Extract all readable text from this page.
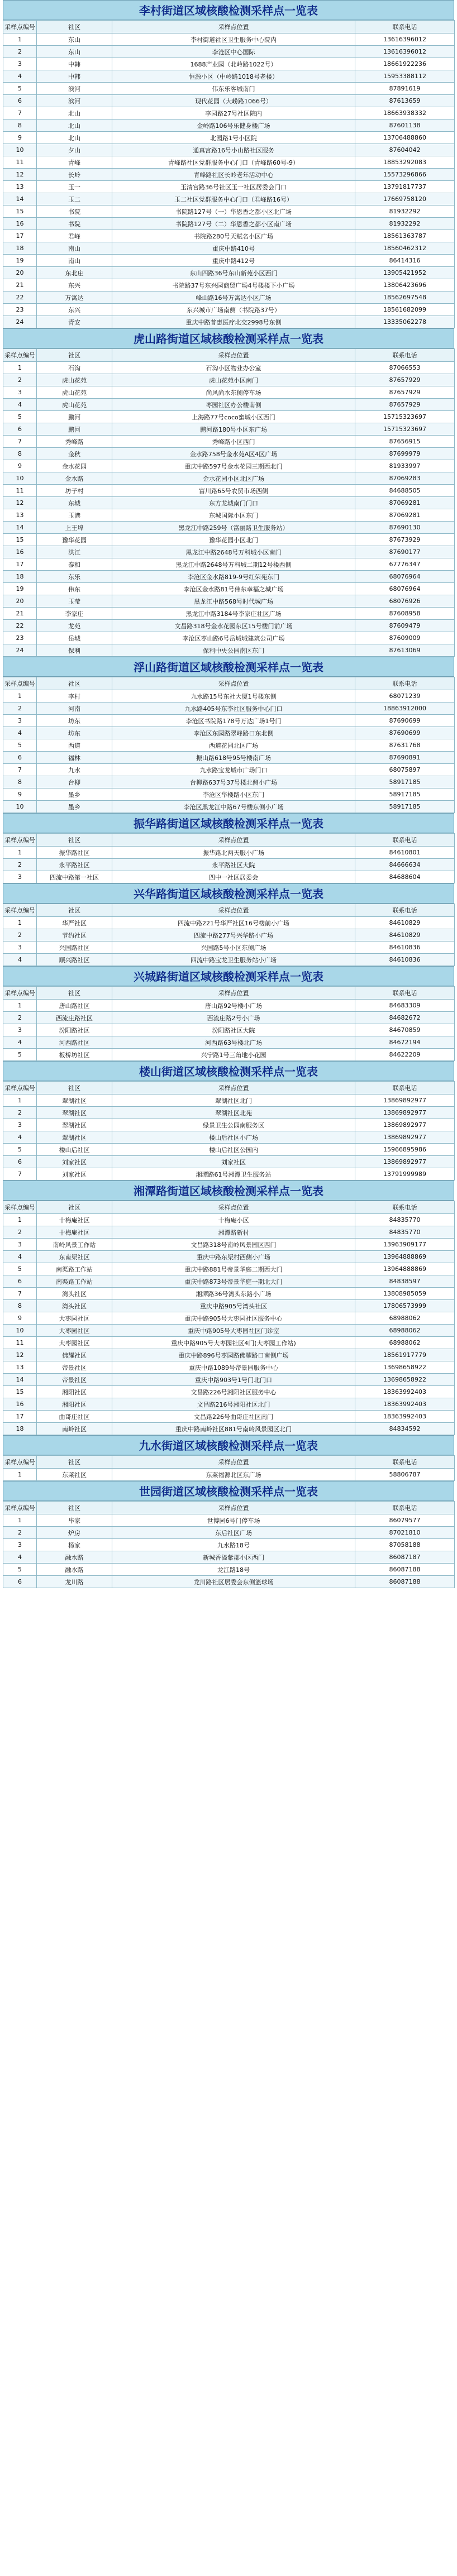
李村街道区域核酸检测采样点一览表
采样点编号	社区	采样点位置	联系电话
1	东山	李村街道社区卫生服务中心院内	13616396012
2	东山	李沧区中心国际	13616396012
3	中韩	1688产业园（北岭路1022号）	18661922236
4	中韩	恒源小区（中岭路1018号老楼）	15953388112
5	滨河	伟东乐客城南门	87891619
6	滨河	现代花园（大崂路1066号）	87613659
7	北山	李园路27号社区院内	18663938332
8	北山	金岭路106号乐健身楼广场	87601138
9	北山	北园路1号小区院	13706488860
10	夕山	通真宫路16号小山路社区服务	87604042
11	青峰	青峰路社区党群服务中心门口（青峰路60号-9）	18853292083
12	长岭	青峰路社区长岭老年活动中心	15573296866
13	玉一	玉清宫路36号社区玉一社区居委会门口	13791817737
14	玉二	玉二社区党群服务中心门口（君峰路16号）	17669758120
15	书院	书院路127号（一）华恩香之都小区北广场	81932292
16	书院	书院路127号（二）华恩香之都小区南广场	81932292
17	君峰	书院路280号天赋名小区广场	18561363787
18	南山	重庆中路410号	18560462312
19	南山	重庆中路412号	86414316
20	东北庄	东山四路36号东山新苑小区西门	13905421952
21	东兴	书院路37号东兴园商贸广场4号楼楼下小广场	13806423696
22	万寓达	峰山路16号万寓达小区广场	18562697548
23	东兴	东兴城市广场南侧（书院路37号）	18561682099
24	青安	重庆中路普惠医疗北交2998号东侧	13335062278
虎山路街道区域核酸检测采样点一览表
采样点编号	社区	采样点位置	联系电话
1	石沟	石沟小区物业办公室	87066553
2	虎山花苑	虎山花苑小区南门	87657929
3	虎山花苑	尚风尚水东侧停车场	87657929
4	虎山花苑	枣园社区办公楼南侧	87657929
5	鹏河	上海路77号coco蜜城小区西门	15715323697
6	鹏河	鹏河路180号小区东广场	15715323697
7	秀峰路	秀峰路小区西门	87656915
8	金秋	金水路758号金水苑A区4区广场	87699979
9	金水花园	重庆中路597号金水花园三期西北门	81933997
10	金水路	金水花园小区北区广场	87069283
11	坊子村	富川路65号农贸市场西侧	84688505
12	东城	东方龙城南门门口	87069281
13	玉港	东城国际小区东门	87069281
14	上王埠	黑龙江中路259号（富丽路卫生服务站）	87690130
15	豫华花园	豫华花园小区北门	87673929
16	洪江	黑龙江中路2648号万科城小区南门	87690177
17	泰和	黑龙江中路2648号万科城二期12号楼西侧	67776347
18	东乐	李沧区金水路819-9号红荣苑东门	68076964
19	伟东	李沧区金水路81号伟东幸福之城广场	68076964
20	玉莹	黑龙江中路568号时代城广场	68076926
21	李家庄	黑龙江中路3184号李家庄社区广场	87608958
22	龙苑	文昌路318号金水花园东区15号楼门前广场	87609479
23	岳城	李沧区枣山路6号岳城城建筑公司广场	87609009
24	保利	保利中央公园南区东门	87613069
浮山路街道区域核酸检测采样点一览表
采样点编号	社区	采样点位置	联系电话
1	李村	九水路15号东社大厦1号楼东侧	68071239
2	河南	九水路405号东李社区服务中心门口	18863912000
3	坊东	李沧区书院路178号万达广场1号门	87690699
4	坊东	李沧区东园路翠峰路口东北侧	87690699
5	西道	西道花园北区广场	87631768
6	福林	振山路618号95号楼南广场	87690891
7	九水	九水路宝龙城市广场门口	68075897
8	台柳	台柳路637号37号楼北侧小广场	58917185
9	墨乡	李沧区华楼路小区东门	58917185
10	墨乡	李沧区黑龙江中路67号楼东侧小广场	58917185
振华路街道区域核酸检测采样点一览表
采样点编号	社区	采样点位置	联系电话
1	振华路社区	振华路北两天服小广场	84610801
2	永平路社区	永平路社区大院	84666634
3	四流中路第一社区	四中一社区居委会	84688604
兴华路街道区域核酸检测采样点一览表
采样点编号	社区	采样点位置	联系电话
1	华严社区	四流中路221号华严社区16号楼前小广场	84610829
2	节约社区	四流中路277号兴华路小广场	84610829
3	兴国路社区	兴国路5号小区东侧广场	84610836
4	顺兴路社区	四流中路宝龙卫生服务站小广场	84610836
兴城路街道区域核酸检测采样点一览表
采样点编号	社区	采样点位置	联系电话
1	唐山路社区	唐山路92号楼小广场	84683309
2	西流庄路社区	西流庄路2号小广场	84682672
3	汾阳路社区	汾阳路社区大院	84670859
4	河西路社区	河西路63号楼北广场	84672194
5	板桥坊社区	兴宁路1号三角地小花园	84622209
楼山街道区域核酸检测采样点一览表
采样点编号	社区	采样点位置	联系电话
1	翠湖社区	翠湖社区北门	13869892977
2	翠湖社区	翠湖社区北苑	13869892977
3	翠湖社区	绿景卫生公园南服务区	13869892977
4	翠湖社区	楼山后社区小广场	13869892977
5	楼山后社区	楼山后社区公园内	15966895986
6	刘家社区	刘家社区	13869892977
7	刘家社区	湘潭路61号湘潭卫生服务站	13791999989
湘潭路街道区域核酸检测采样点一览表
采样点编号	社区	采样点位置	联系电话
1	十梅庵社区	十梅庵小区	84835770
2	十梅庵社区	湘潭路新村	84835770
3	南岭风景工作站	文昌路318号南岭风景园区西门	13963909177
4	东南渠社区	重庆中路东渠村西侧小广场	13964888869
5	南渠路工作站	重庆中路881号帝景华庭二期西大门	13964888869
6	南渠路工作站	重庆中路873号帝景华庭一期北大门	84838597
7	湾头社区	湘潭路36号湾头东路小广场	13808985059
8	湾头社区	重庆中路905号湾头社区	17806573999
9	大枣园社区	重庆中路905号大枣园社区服务中心	68988062
10	大枣园社区	重庆中路905号大枣园社区门诊室	68988062
11	大枣园社区	重庆中路905号大枣园社区4门(大枣园工作站)	68988062
12	佛耀社区	重庆中路896号枣园路佛耀路口南侧广场	18561917779
13	帝景社区	重庆中路1089号帝景园服务中心	13698658922
14	帝景社区	重庆中路903号1号门北门口	13698658922
15	湘阳社区	文昌路226号湘阳社区服务中心	18363992403
16	湘阳社区	文昌路216号湘阳社区北门	18363992403
17	曲哥庄社区	文昌路226号曲哥庄社区南门	18363992403
18	南岭社区	重庆中路南岭社区881号南岭风景园区北门	84834592
九水街道区域核酸检测采样点一览表
采样点编号	社区	采样点位置	联系电话
1	东莱社区	东莱福源北区东广场	58806787
世园街道区域核酸检测采样点一览表
采样点编号	社区	采样点位置	联系电话
1	毕家	世博园6号门停车场	86079577
2	炉房	东后社区广场	87021810
3	杨家	九水路18号	87058188
4	融水路	新城香溢紫郡小区西门	86087187
5	融水路	龙江路18号	86087188
6	龙川路	龙川路社区居委会东侧篮球场	86087188
